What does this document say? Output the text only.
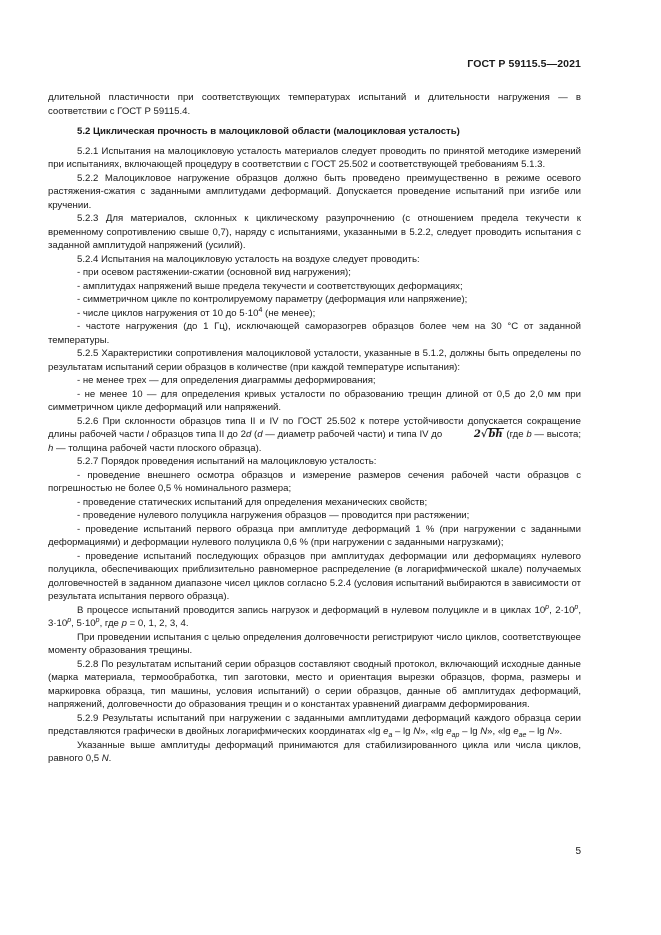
ГОСТ Р 59115.5—2021

длительной пластичности при соответствующих температурах испытаний и длительности нагружения — в соответствии с ГОСТ Р 59115.4.

5.2 Циклическая прочность в малоцикловой области (малоцикловая усталость)

5.2.1 Испытания на малоцикловую усталость материалов следует проводить по принятой методике измерений при испытаниях, включающей процедуру в соответствии с ГОСТ 25.502 и соответствующей требованиям 5.1.3.

5.2.2 Малоцикловое нагружение образцов должно быть проведено преимущественно в режиме осевого растяжения-сжатия с заданными амплитудами деформаций. Допускается проведение испытаний при изгибе или кручении.

5.2.3 Для материалов, склонных к циклическому разупрочнению (с отношением предела текучести к временному сопротивлению свыше 0,7), наряду с испытаниями, указанными в 5.2.2, следует проводить испытания с заданной амплитудой напряжений (усилий).

5.2.4 Испытания на малоцикловую усталость на воздухе следует проводить:

- при осевом растяжении-сжатии (основной вид нагружения);

- амплитудах напряжений выше предела текучести и соответствующих деформациях;

- симметричном цикле по контролируемому параметру (деформация или напряжение);

- числе циклов нагружения от 10 до $5\cdot 10^4$ (не менее);

- частоте нагружения (до 1 Гц), исключающей саморазогрев образцов более чем на 30 °С от заданной температуры.

5.2.5 Характеристики сопротивления малоцикловой усталости, указанные в 5.1.2, должны быть определены по результатам испытаний серии образцов в количестве (при каждой температуре испытания):

- не менее трех — для определения диаграммы деформирования;

- не менее 10 — для определения кривых усталости по образованию трещин длиной от 0,5 до 2,0 мм при симметричном цикле деформаций или напряжений.

5.2.6 При склонности образцов типа II и IV по ГОСТ 25.502 к потере устойчивости допускается сокращение длины рабочей части l образцов типа II до 2d (d — диаметр рабочей части) и типа IV до	2√bh (где b — высота; h — толщина рабочей части плоского образца).

5.2.7 Порядок проведения испытаний на малоцикловую усталость:

- проведение внешнего осмотра образцов и измерение размеров сечения рабочей части образцов с погрешностью не более 0,5 % номинального размера;

- проведение статических испытаний для определения механических свойств;

- проведение нулевого полуцикла нагружения образцов — проводится при растяжении;

- проведение испытаний первого образца при амплитуде деформаций 1 % (при нагружении с заданными деформациями) и деформации нулевого полуцикла 0,6 % (при нагружении с заданными нагрузками);

- проведение испытаний последующих образцов при амплитудах деформации или деформациях нулевого полуцикла, обеспечивающих приблизительно равномерное распределение (в логарифмической шкале) получаемых долговечностей в заданном диапазоне чисел циклов согласно 5.2.4 (условия испытаний выбираются в зависимости от результата испытания первого образца).

В процессе испытаний проводится запись нагрузок и деформаций в нулевом полуцикле и в циклах 10$^p$, $2\cdot 10^p$, $3\cdot 10^p$, $5\cdot 10^p$, где p = 0, 1, 2, 3, 4.

При проведении испытания с целью определения долговечности регистрируют число циклов, соответствующее моменту образования трещины.

5.2.8 По результатам испытаний серии образцов составляют сводный протокол, включающий исходные данные (марка материала, термообработка, тип заготовки, место и ориентация вырезки образцов, форма, размеры и маркировка образца, тип машины, условия испытаний) о серии образцов, данные об амплитудах деформаций, напряжений, долговечности до образования трещин и о константах уравнений диаграмм деформирования.

5.2.9 Результаты испытаний при нагружении с заданными амплитудами деформаций каждого образца серии представляются графически в двойных логарифмических координатах «lg $e_a$ – lg N», «lg $e_{ap}$ – lg N», «lg $e_{ae}$ – lg N».

Указанные выше амплитуды деформаций принимаются для стабилизированного цикла или числа циклов, равного 0,5 N.

5
